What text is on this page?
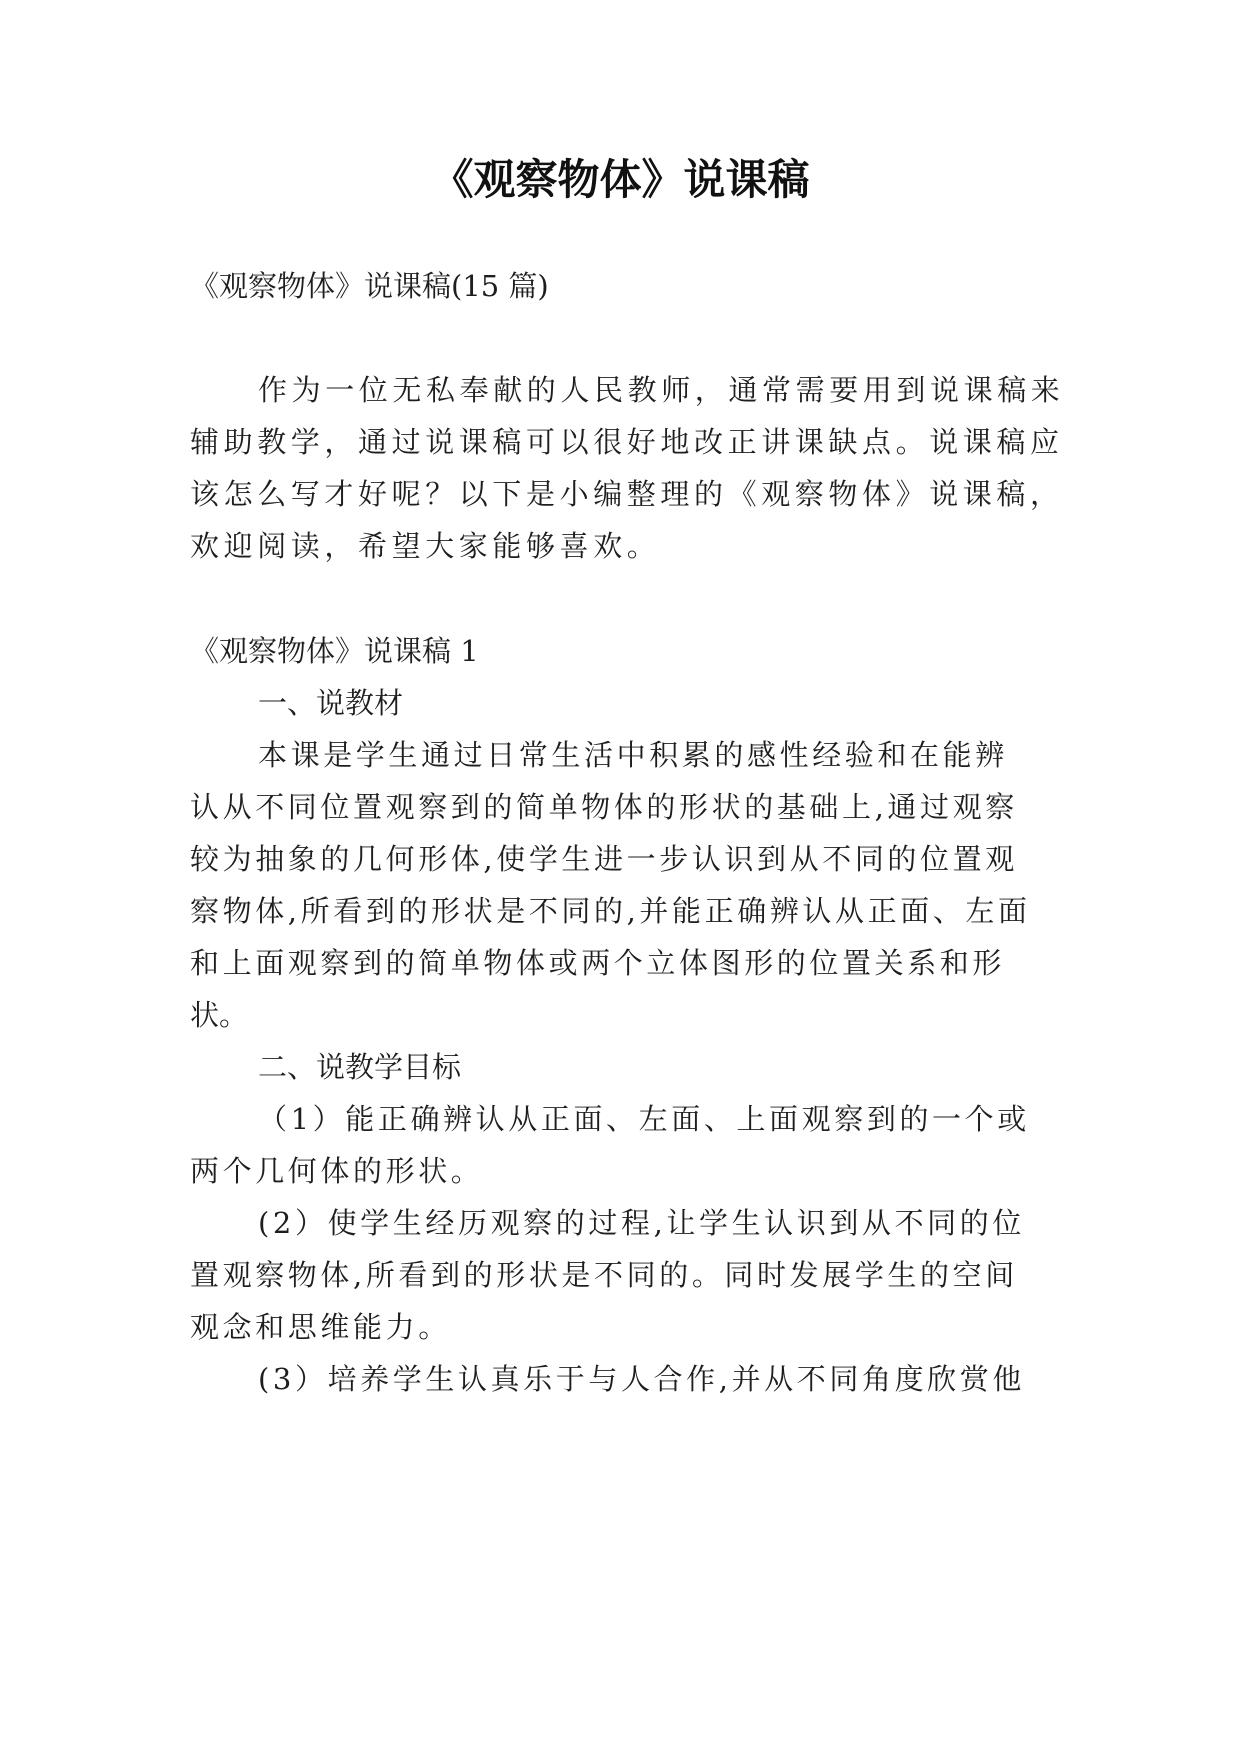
《观察物体》说课稿

《观察物体》说课稿(15 篇)

作为一位无私奉献的人民教师，通常需要用到说课稿来

辅助教学，通过说课稿可以很好地改正讲课缺点。说课稿应

该怎么写才好呢？以下是小编整理的《观察物体》说课稿，

欢迎阅读，希望大家能够喜欢。

《观察物体》说课稿 1

一、说教材

本课是学生通过日常生活中积累的感性经验和在能辨

认从不同位置观察到的简单物体的形状的基础上,通过观察

较为抽象的几何形体,使学生进一步认识到从不同的位置观

察物体,所看到的形状是不同的,并能正确辨认从正面、左面

和上面观察到的简单物体或两个立体图形的位置关系和形

状。

二、说教学目标

（1）能正确辨认从正面、左面、上面观察到的一个或

两个几何体的形状。

(2）使学生经历观察的过程,让学生认识到从不同的位

置观察物体,所看到的形状是不同的。同时发展学生的空间

观念和思维能力。

(3）培养学生认真乐于与人合作,并从不同角度欣赏他
